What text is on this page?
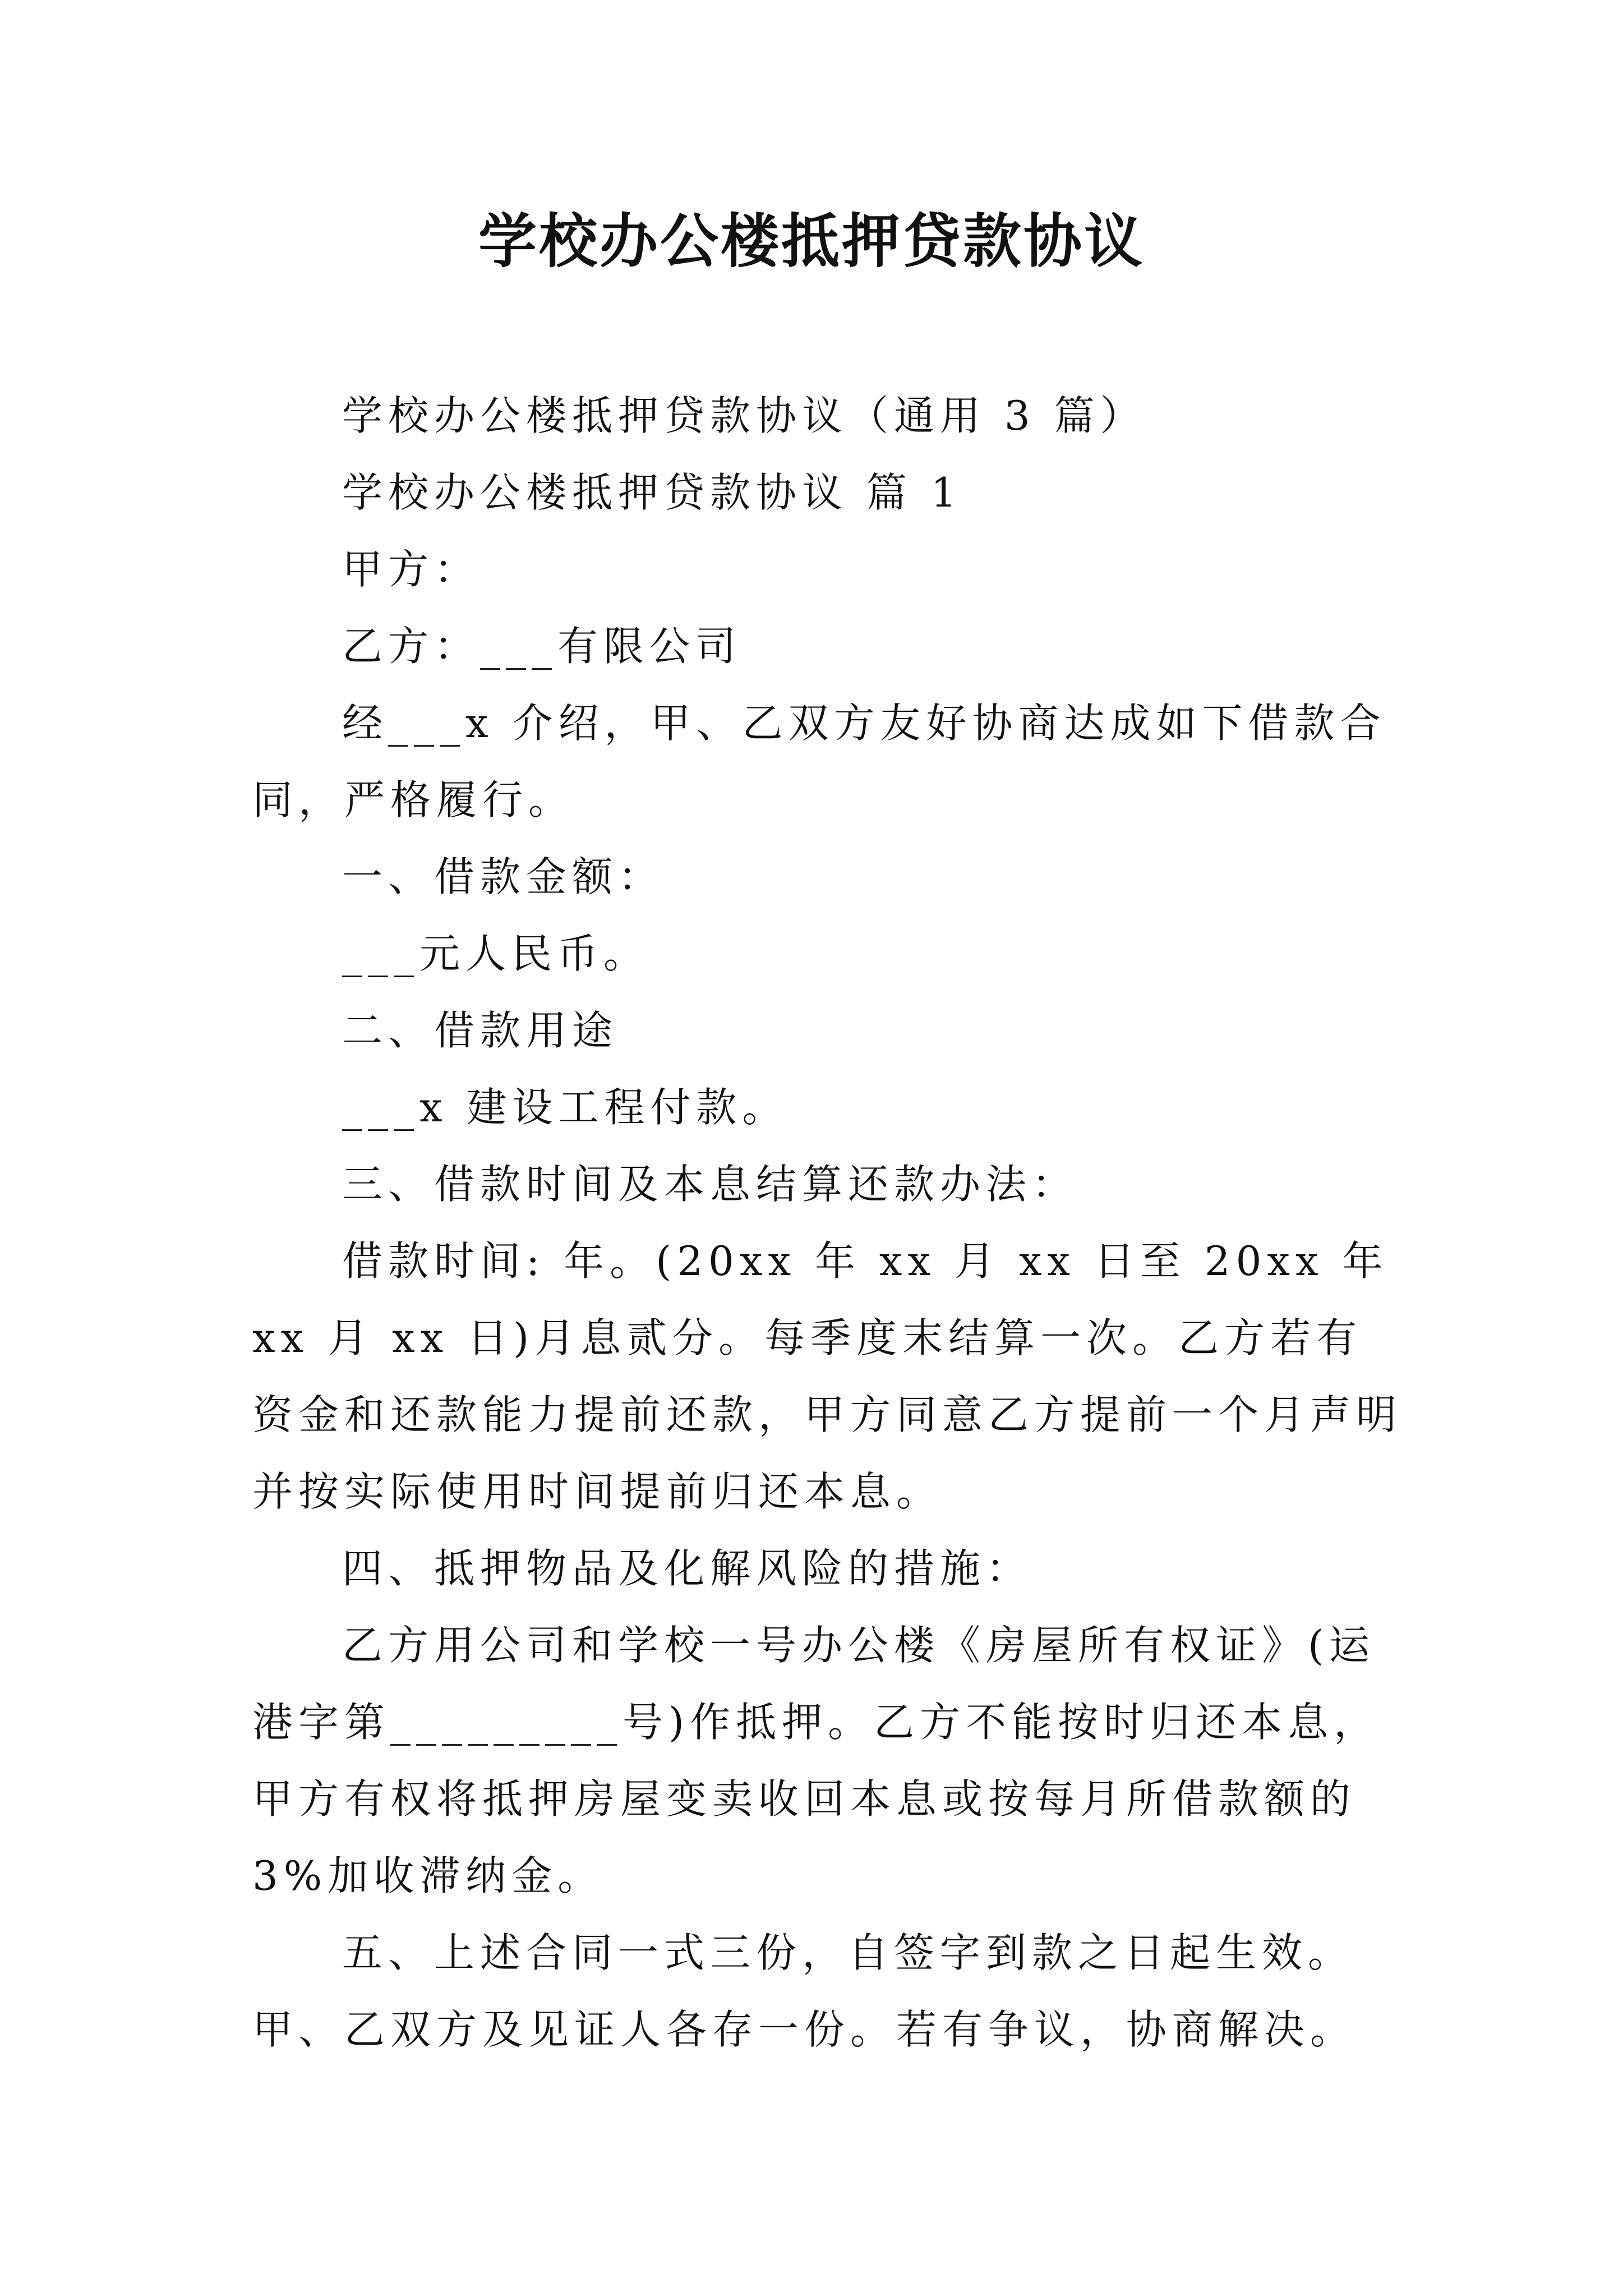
学校办公楼抵押贷款协议

学校办公楼抵押贷款协议（通用 3 篇）

学校办公楼抵押贷款协议 篇 1

甲方：

乙方：___有限公司

经___x 介绍，甲、乙双方友好协商达成如下借款合同，严格履行。

一、借款金额：

___元人民币。

二、借款用途

___x 建设工程付款。

三、借款时间及本息结算还款办法：

借款时间: 年。(20xx 年 xx 月 xx 日至 20xx 年 xx 月 xx 日)月息贰分。每季度末结算一次。乙方若有资金和还款能力提前还款，甲方同意乙方提前一个月声明并按实际使用时间提前归还本息。

四、抵押物品及化解风险的措施：

乙方用公司和学校一号办公楼《房屋所有权证》(运港字第_________号)作抵押。乙方不能按时归还本息，甲方有权将抵押房屋变卖收回本息或按每月所借款额的 3%加收滞纳金。

五、上述合同一式三份，自签字到款之日起生效。甲、乙双方及见证人各存一份。若有争议，协商解决。
